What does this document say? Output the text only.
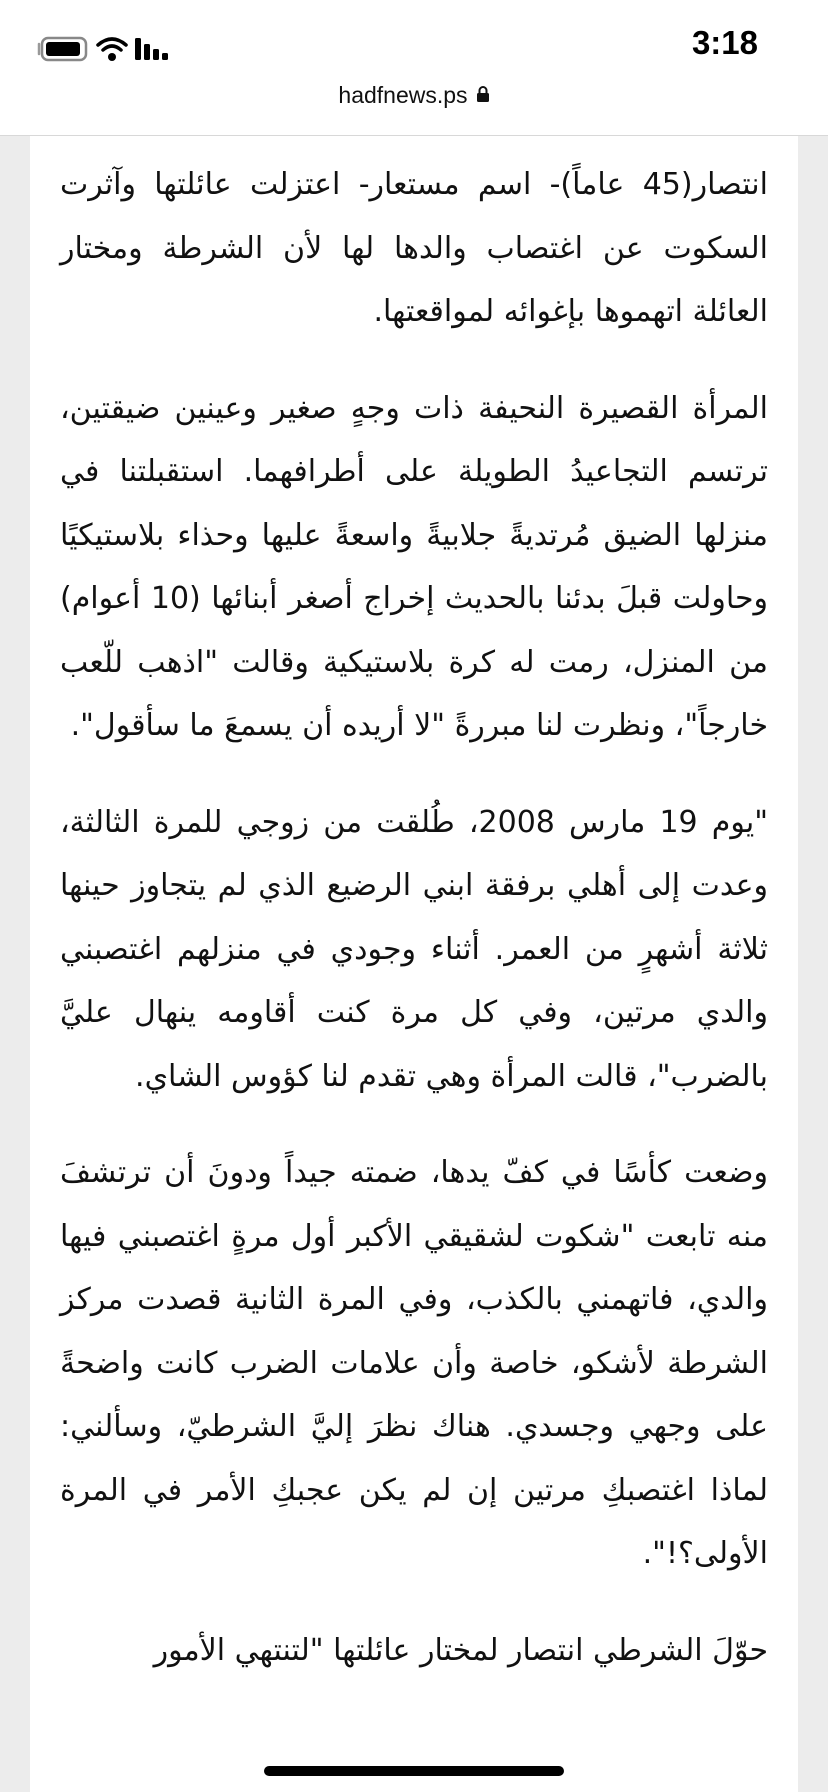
3:18
hadfnews.ps

انتصار(45 عاماً)- اسم مستعار- اعتزلت عائلتها وآثرت السكوت عن اغتصاب والدها لها لأن الشرطة ومختار العائلة اتهموها بإغوائه لمواقعتها.

المرأة القصيرة النحيفة ذات وجهٍ صغير وعينين ضيقتين، ترتسم التجاعيدُ الطويلة على أطرافهما. استقبلتنا في منزلها الضيق مُرتديةً جلابيةً واسعةً عليها وحذاء بلاستيكيًا وحاولت قبلَ بدئنا بالحديث إخراج أصغر أبنائها (10 أعوام) من المنزل، رمت له كرة بلاستيكية وقالت "اذهب للّعب خارجاً"، ونظرت لنا مبررةً "لا أريده أن يسمعَ ما سأقول".

"يوم 19 مارس 2008، طُلقت من زوجي للمرة الثالثة، وعدت إلى أهلي برفقة ابني الرضيع الذي لم يتجاوز حينها ثلاثة أشهرٍ من العمر. أثناء وجودي في منزلهم اغتصبني والدي مرتين، وفي كل مرة كنت أقاومه ينهال عليَّ بالضرب"، قالت المرأة وهي تقدم لنا كؤوس الشاي.

وضعت كأسًا في كفّ يدها، ضمته جيداً ودونَ أن ترتشفَ منه تابعت "شكوت لشقيقي الأكبر أول مرةٍ اغتصبني فيها والدي، فاتهمني بالكذب، وفي المرة الثانية قصدت مركز الشرطة لأشكو، خاصة وأن علامات الضرب كانت واضحةً على وجهي وجسدي. هناك نظرَ إليَّ الشرطيّ، وسألني: لماذا اغتصبكِ مرتين إن لم يكن عجبكِ الأمر في المرة الأولى؟!".

حوّلَ الشرطي انتصار لمختار عائلتها "لتنتهي الأمور
